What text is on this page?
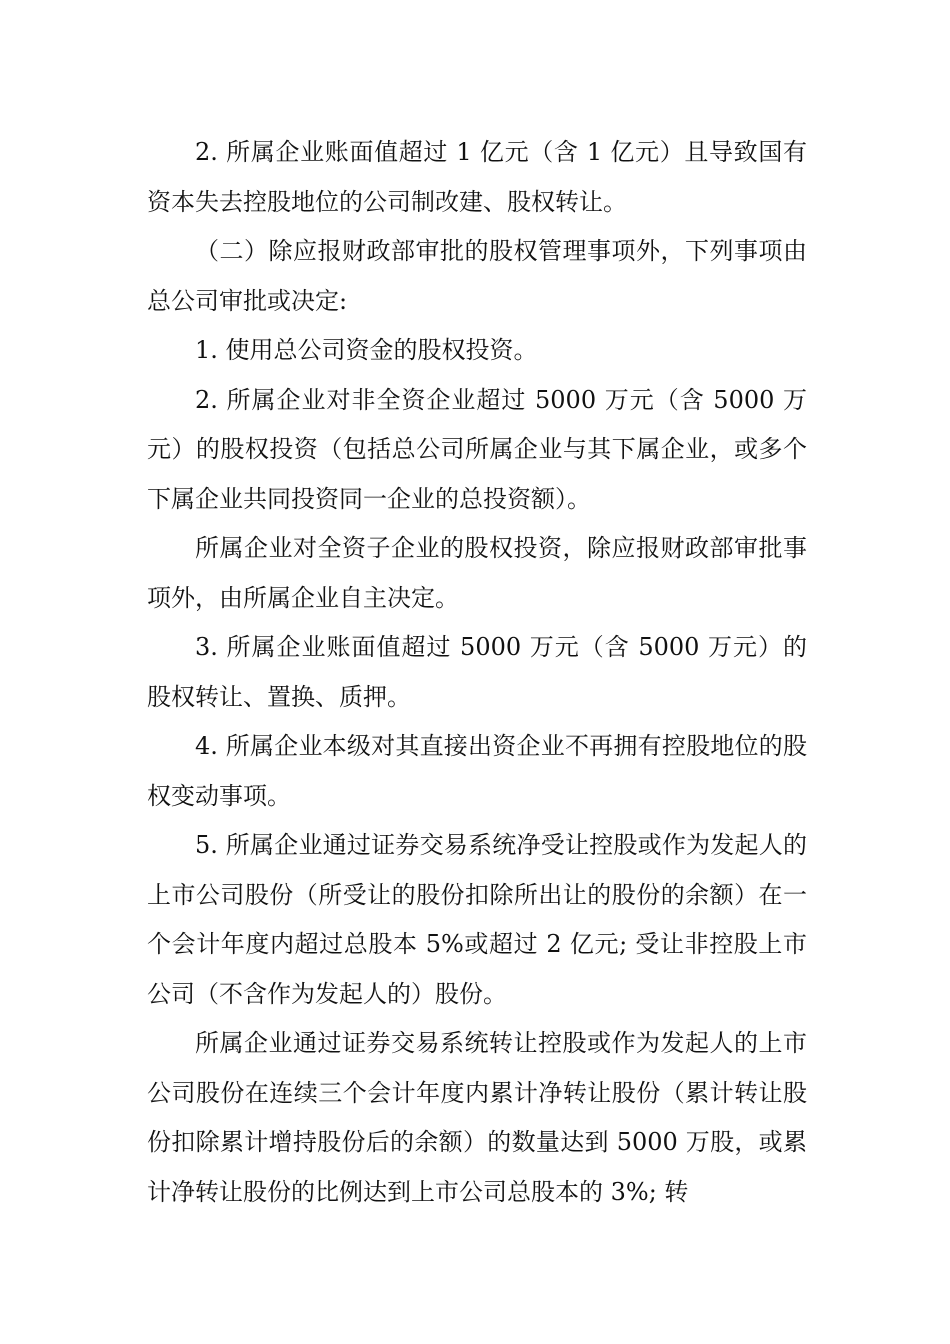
2. 所属企业账面值超过 1 亿元（含 1 亿元）且导致国有资本失去控股地位的公司制改建、股权转让。

（二）除应报财政部审批的股权管理事项外，下列事项由总公司审批或决定:

1. 使用总公司资金的股权投资。

2. 所属企业对非全资企业超过 5000 万元（含 5000 万元）的股权投资（包括总公司所属企业与其下属企业，或多个下属企业共同投资同一企业的总投资额）。

所属企业对全资子企业的股权投资，除应报财政部审批事项外，由所属企业自主决定。

3. 所属企业账面值超过 5000 万元（含 5000 万元）的股权转让、置换、质押。

4. 所属企业本级对其直接出资企业不再拥有控股地位的股权变动事项。

5. 所属企业通过证券交易系统净受让控股或作为发起人的上市公司股份（所受让的股份扣除所出让的股份的余额）在一个会计年度内超过总股本 5%或超过 2 亿元; 受让非控股上市公司（不含作为发起人的）股份。

所属企业通过证券交易系统转让控股或作为发起人的上市公司股份在连续三个会计年度内累计净转让股份（累计转让股份扣除累计增持股份后的余额）的数量达到 5000 万股，或累计净转让股份的比例达到上市公司总股本的 3%; 转
